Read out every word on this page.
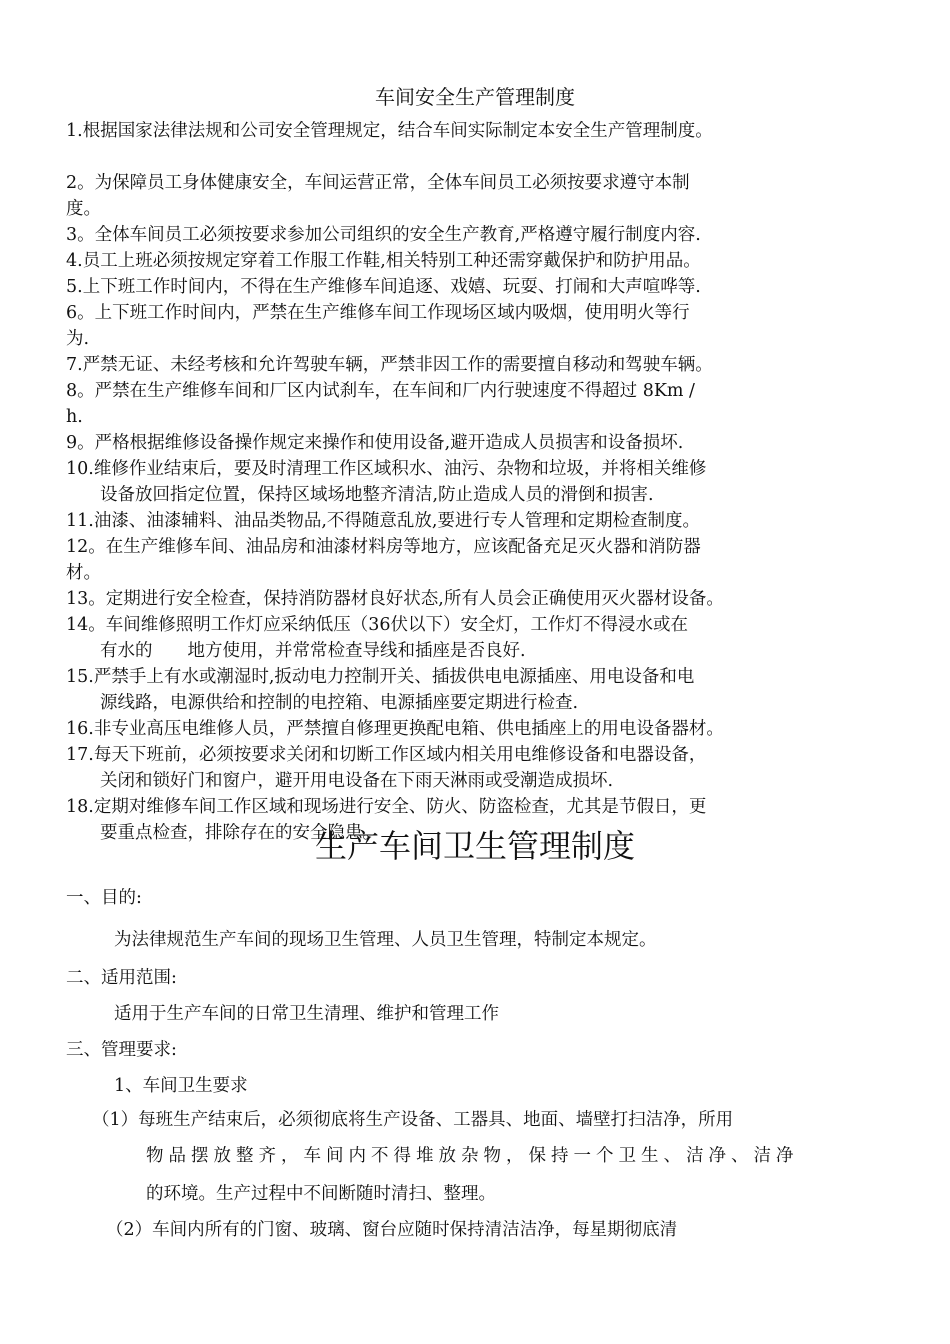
车间安全生产管理制度
1.根据国家法律法规和公司安全管理规定，结合车间实际制定本安全生产管理制度。
2。为保障员工身体健康安全，车间运营正常，全体车间员工必须按要求遵守本制
度。
3。全体车间员工必须按要求参加公司组织的安全生产教育,严格遵守履行制度内容.
4.员工上班必须按规定穿着工作服工作鞋,相关特别工种还需穿戴保护和防护用品。
5.上下班工作时间内，不得在生产维修车间追逐、戏嬉、玩耍、打闹和大声喧哗等.
6。上下班工作时间内，严禁在生产维修车间工作现场区域内吸烟，使用明火等行
为.
7.严禁无证、未经考核和允许驾驶车辆，严禁非因工作的需要擅自移动和驾驶车辆。
8。严禁在生产维修车间和厂区内试刹车，在车间和厂内行驶速度不得超过 8Km /
h.
9。严格根据维修设备操作规定来操作和使用设备,避开造成人员损害和设备损坏.
10.维修作业结束后，要及时清理工作区域积水、油污、杂物和垃圾，并将相关维修
设备放回指定位置，保持区域场地整齐清洁,防止造成人员的滑倒和损害.
11.油漆、油漆辅料、油品类物品,不得随意乱放,要进行专人管理和定期检查制度。
12。在生产维修车间、油品房和油漆材料房等地方，应该配备充足灭火器和消防器
材。
13。定期进行安全检查，保持消防器材良好状态,所有人员会正确使用灭火器材设备。
14。车间维修照明工作灯应采纳低压（36伏以下）安全灯，工作灯不得浸水或在
有水的　　地方使用，并常常检查导线和插座是否良好.
15.严禁手上有水或潮湿时,扳动电力控制开关、插拔供电电源插座、用电设备和电
源线路，电源供给和控制的电控箱、电源插座要定期进行检查.
16.非专业高压电维修人员，严禁擅自修理更换配电箱、供电插座上的用电设备器材。
17.每天下班前，必须按要求关闭和切断工作区域内相关用电维修设备和电器设备，
关闭和锁好门和窗户，避开用电设备在下雨天淋雨或受潮造成损坏.
18.定期对维修车间工作区域和现场进行安全、防火、防盗检查，尤其是节假日，更
要重点检查，排除存在的安全隐患。
生产车间卫生管理制度
一、目的:
为法律规范生产车间的现场卫生管理、人员卫生管理，特制定本规定。
二、适用范围:
适用于生产车间的日常卫生清理、维护和管理工作
三、管理要求:
1、车间卫生要求
（1）每班生产结束后，必须彻底将生产设备、工器具、地面、墙壁打扫洁净，所用
物品摆放整齐，车间内不得堆放杂物，保持一个卫生、洁净、洁净
的环境。生产过程中不间断随时清扫、整理。
（2）车间内所有的门窗、玻璃、窗台应随时保持清洁洁净，每星期彻底清
